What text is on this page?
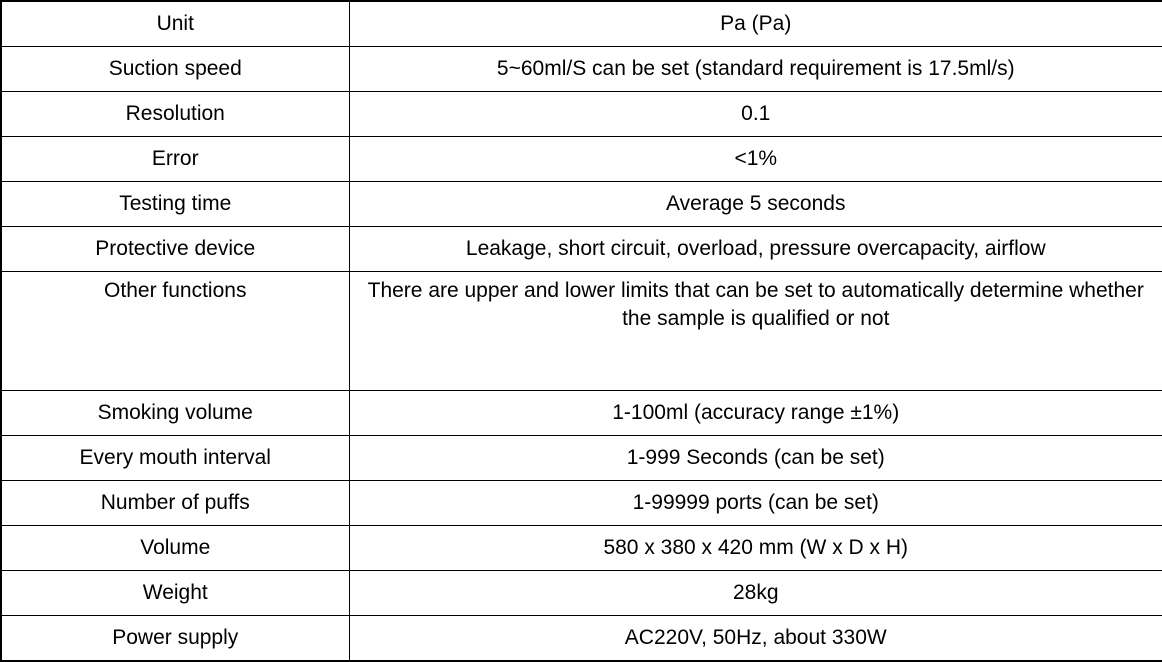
Unit	Pa (Pa)
Suction speed	5~60ml/S can be set (standard requirement is 17.5ml/s)
Resolution	0.1
Error	<1%
Testing time	Average 5 seconds
Protective device	Leakage, short circuit, overload, pressure overcapacity, airflow
Other functions	There are upper and lower limits that can be set to automatically determine whether the sample is qualified or not
Smoking volume	1-100ml (accuracy range ±1%)
Every mouth interval	1-999 Seconds (can be set)
Number of puffs	1-99999 ports (can be set)
Volume	580 x 380 x 420 mm (W x D x H)
Weight	28kg
Power supply	AC220V, 50Hz, about 330W
